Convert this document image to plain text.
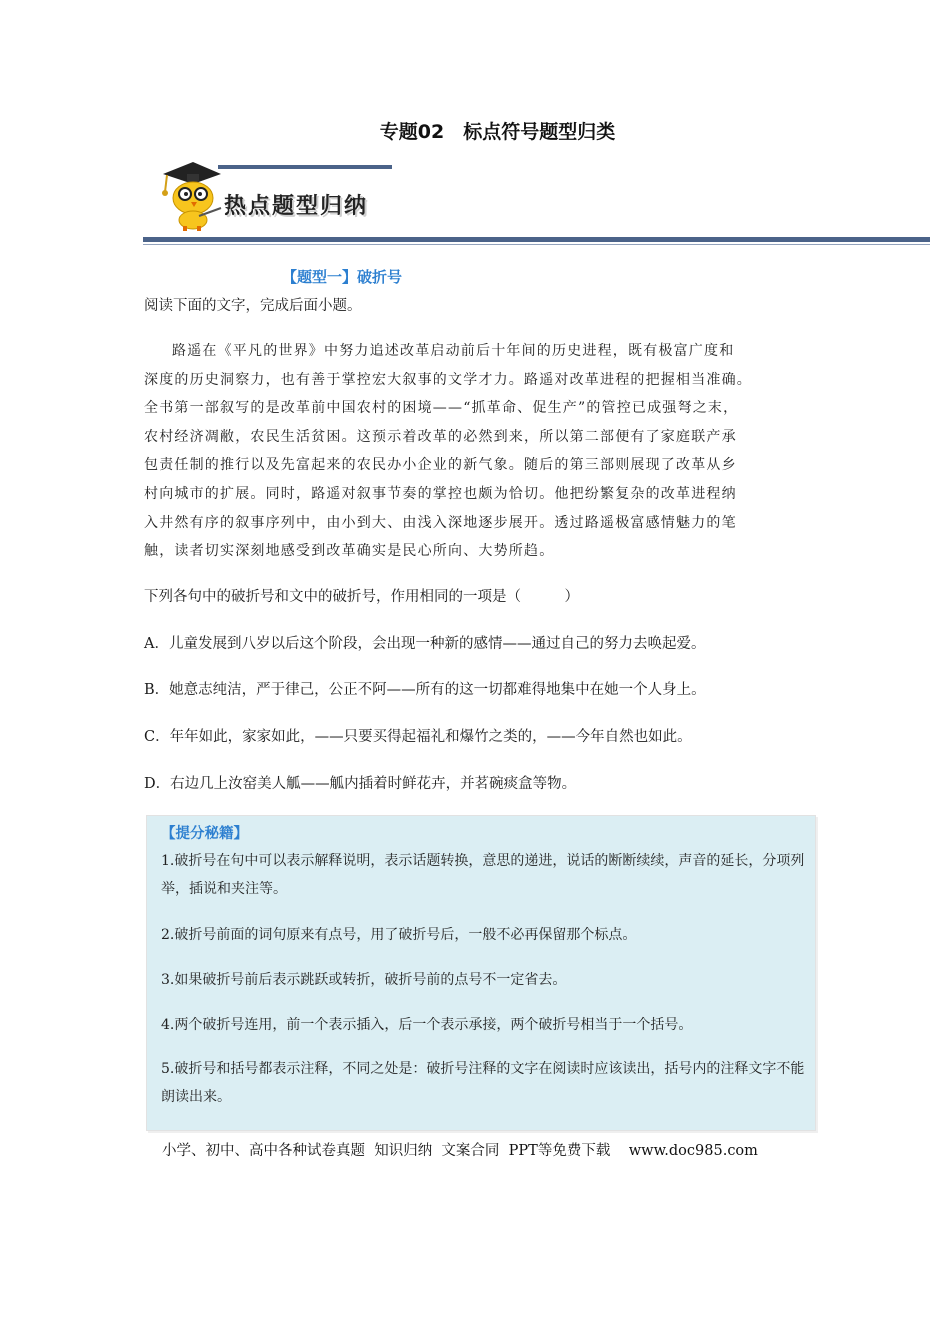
专题02　标点符号题型归类
热点题型归纳
【题型一】破折号
阅读下面的文字，完成后面小题。
路遥在《平凡的世界》中努力追述改革启动前后十年间的历史进程，既有极富广度和
深度的历史洞察力，也有善于掌控宏大叙事的文学才力。路遥对改革进程的把握相当准确。
全书第一部叙写的是改革前中国农村的困境——“抓革命、促生产”的管控已成强弩之末，
农村经济凋敝，农民生活贫困。这预示着改革的必然到来，所以第二部便有了家庭联产承
包责任制的推行以及先富起来的农民办小企业的新气象。随后的第三部则展现了改革从乡
村向城市的扩展。同时，路遥对叙事节奏的掌控也颇为恰切。他把纷繁复杂的改革进程纳
入井然有序的叙事序列中，由小到大、由浅入深地逐步展开。透过路遥极富感情魅力的笔
触，读者切实深刻地感受到改革确实是民心所向、大势所趋。
下列各句中的破折号和文中的破折号，作用相同的一项是（　　　）
A．儿童发展到八岁以后这个阶段，会出现一种新的感情——通过自己的努力去唤起爱。
B．她意志纯洁，严于律己，公正不阿——所有的这一切都难得地集中在她一个人身上。
C．年年如此，家家如此，——只要买得起福礼和爆竹之类的，——今年自然也如此。
D．右边几上汝窑美人觚——觚内插着时鲜花卉，并茗碗痰盒等物。
【提分秘籍】
1.破折号在句中可以表示解释说明，表示话题转换，意思的递进，说话的断断续续，声音的延长，分项列举，插说和夹注等。
2.破折号前面的词句原来有点号，用了破折号后，一般不必再保留那个标点。
3.如果破折号前后表示跳跃或转折，破折号前的点号不一定省去。
4.两个破折号连用，前一个表示插入，后一个表示承接，两个破折号相当于一个括号。
5.破折号和括号都表示注释，不同之处是：破折号注释的文字在阅读时应该读出，括号内的注释文字不能朗读出来。
小学、初中、高中各种试卷真题  知识归纳  文案合同  PPT等免费下载    www.doc985.com
